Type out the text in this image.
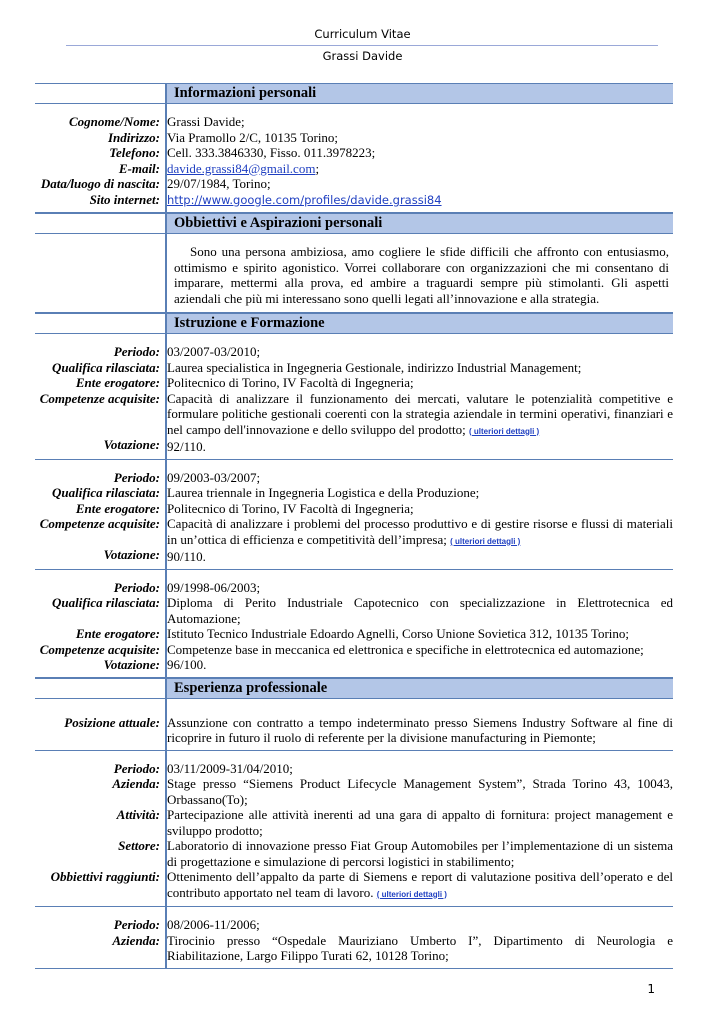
Curriculum Vitae
Grassi Davide
Informazioni personali
Cognome/Nome:
Indirizzo:
Telefono:
E-mail:
Data/luogo di nascita:
Sito internet:
Grassi Davide;
Via Pramollo 2/C, 10135 Torino;
Cell. 333.3846330, Fisso. 011.3978223;
davide.grassi84@gmail.com;
29/07/1984, Torino;
http://www.google.com/profiles/davide.grassi84
Obbiettivi e Aspirazioni personali
Sono una persona ambiziosa, amo cogliere le sfide difficili che affronto con entusiasmo, ottimismo e spirito agonistico. Vorrei collaborare con organizzazioni che mi consentano di imparare, mettermi alla prova, ed ambire a traguardi sempre più stimolanti. Gli aspetti aziendali che più mi interessano sono quelli legati all’innovazione e alla strategia.
Istruzione e Formazione
Periodo:
Qualifica rilasciata:
Ente erogatore:
Competenze acquisite:
Votazione:
03/2007-03/2010;
Laurea specialistica in Ingegneria Gestionale, indirizzo Industrial Management;
Politecnico di Torino, IV Facoltà di Ingegneria;
Capacità di analizzare il funzionamento dei mercati, valutare le potenzialità competitive e formulare politiche gestionali coerenti con la strategia aziendale in termini operativi, finanziari e nel campo dell'innovazione e dello sviluppo del prodotto; ( ulteriori dettagli )
92/110.
Periodo:
Qualifica rilasciata:
Ente erogatore:
Competenze acquisite:
Votazione:
09/2003-03/2007;
Laurea triennale in Ingegneria Logistica e della Produzione;
Politecnico di Torino, IV Facoltà di Ingegneria;
Capacità di analizzare i problemi del processo produttivo e di gestire risorse e flussi di materiali in un’ottica di efficienza e competitività dell’impresa; ( ulteriori dettagli )
90/110.
Periodo:
Qualifica rilasciata:
Ente erogatore:
Competenze acquisite:
Votazione:
09/1998-06/2003;
Diploma di Perito Industriale Capotecnico con specializzazione in Elettrotecnica ed Automazione;
Istituto Tecnico Industriale Edoardo Agnelli, Corso Unione Sovietica 312, 10135 Torino;
Competenze base in meccanica ed elettronica e specifiche in elettrotecnica ed automazione;
96/100.
Esperienza professionale
Posizione attuale: Assunzione con contratto a tempo indeterminato presso Siemens Industry Software al fine di ricoprire in futuro il ruolo di referente per la divisione manufacturing in Piemonte;
Periodo:
Azienda:
Attività:
Settore:
Obbiettivi raggiunti:
03/11/2009-31/04/2010;
Stage presso “Siemens Product Lifecycle Management System”, Strada Torino 43, 10043, Orbassano(To);
Partecipazione alle attività inerenti ad una gara di appalto di fornitura: project management e sviluppo prodotto;
Laboratorio di innovazione presso Fiat Group Automobiles per l’implementazione di un sistema di progettazione e simulazione di percorsi logistici in stabilimento;
Ottenimento dell’appalto da parte di Siemens e report di valutazione positiva dell’operato e del contributo apportato nel team di lavoro. ( ulteriori dettagli )
Periodo:
Azienda:
08/2006-11/2006;
Tirocinio presso “Ospedale Mauriziano Umberto I”, Dipartimento di Neurologia e Riabilitazione, Largo Filippo Turati 62, 10128 Torino;
1
